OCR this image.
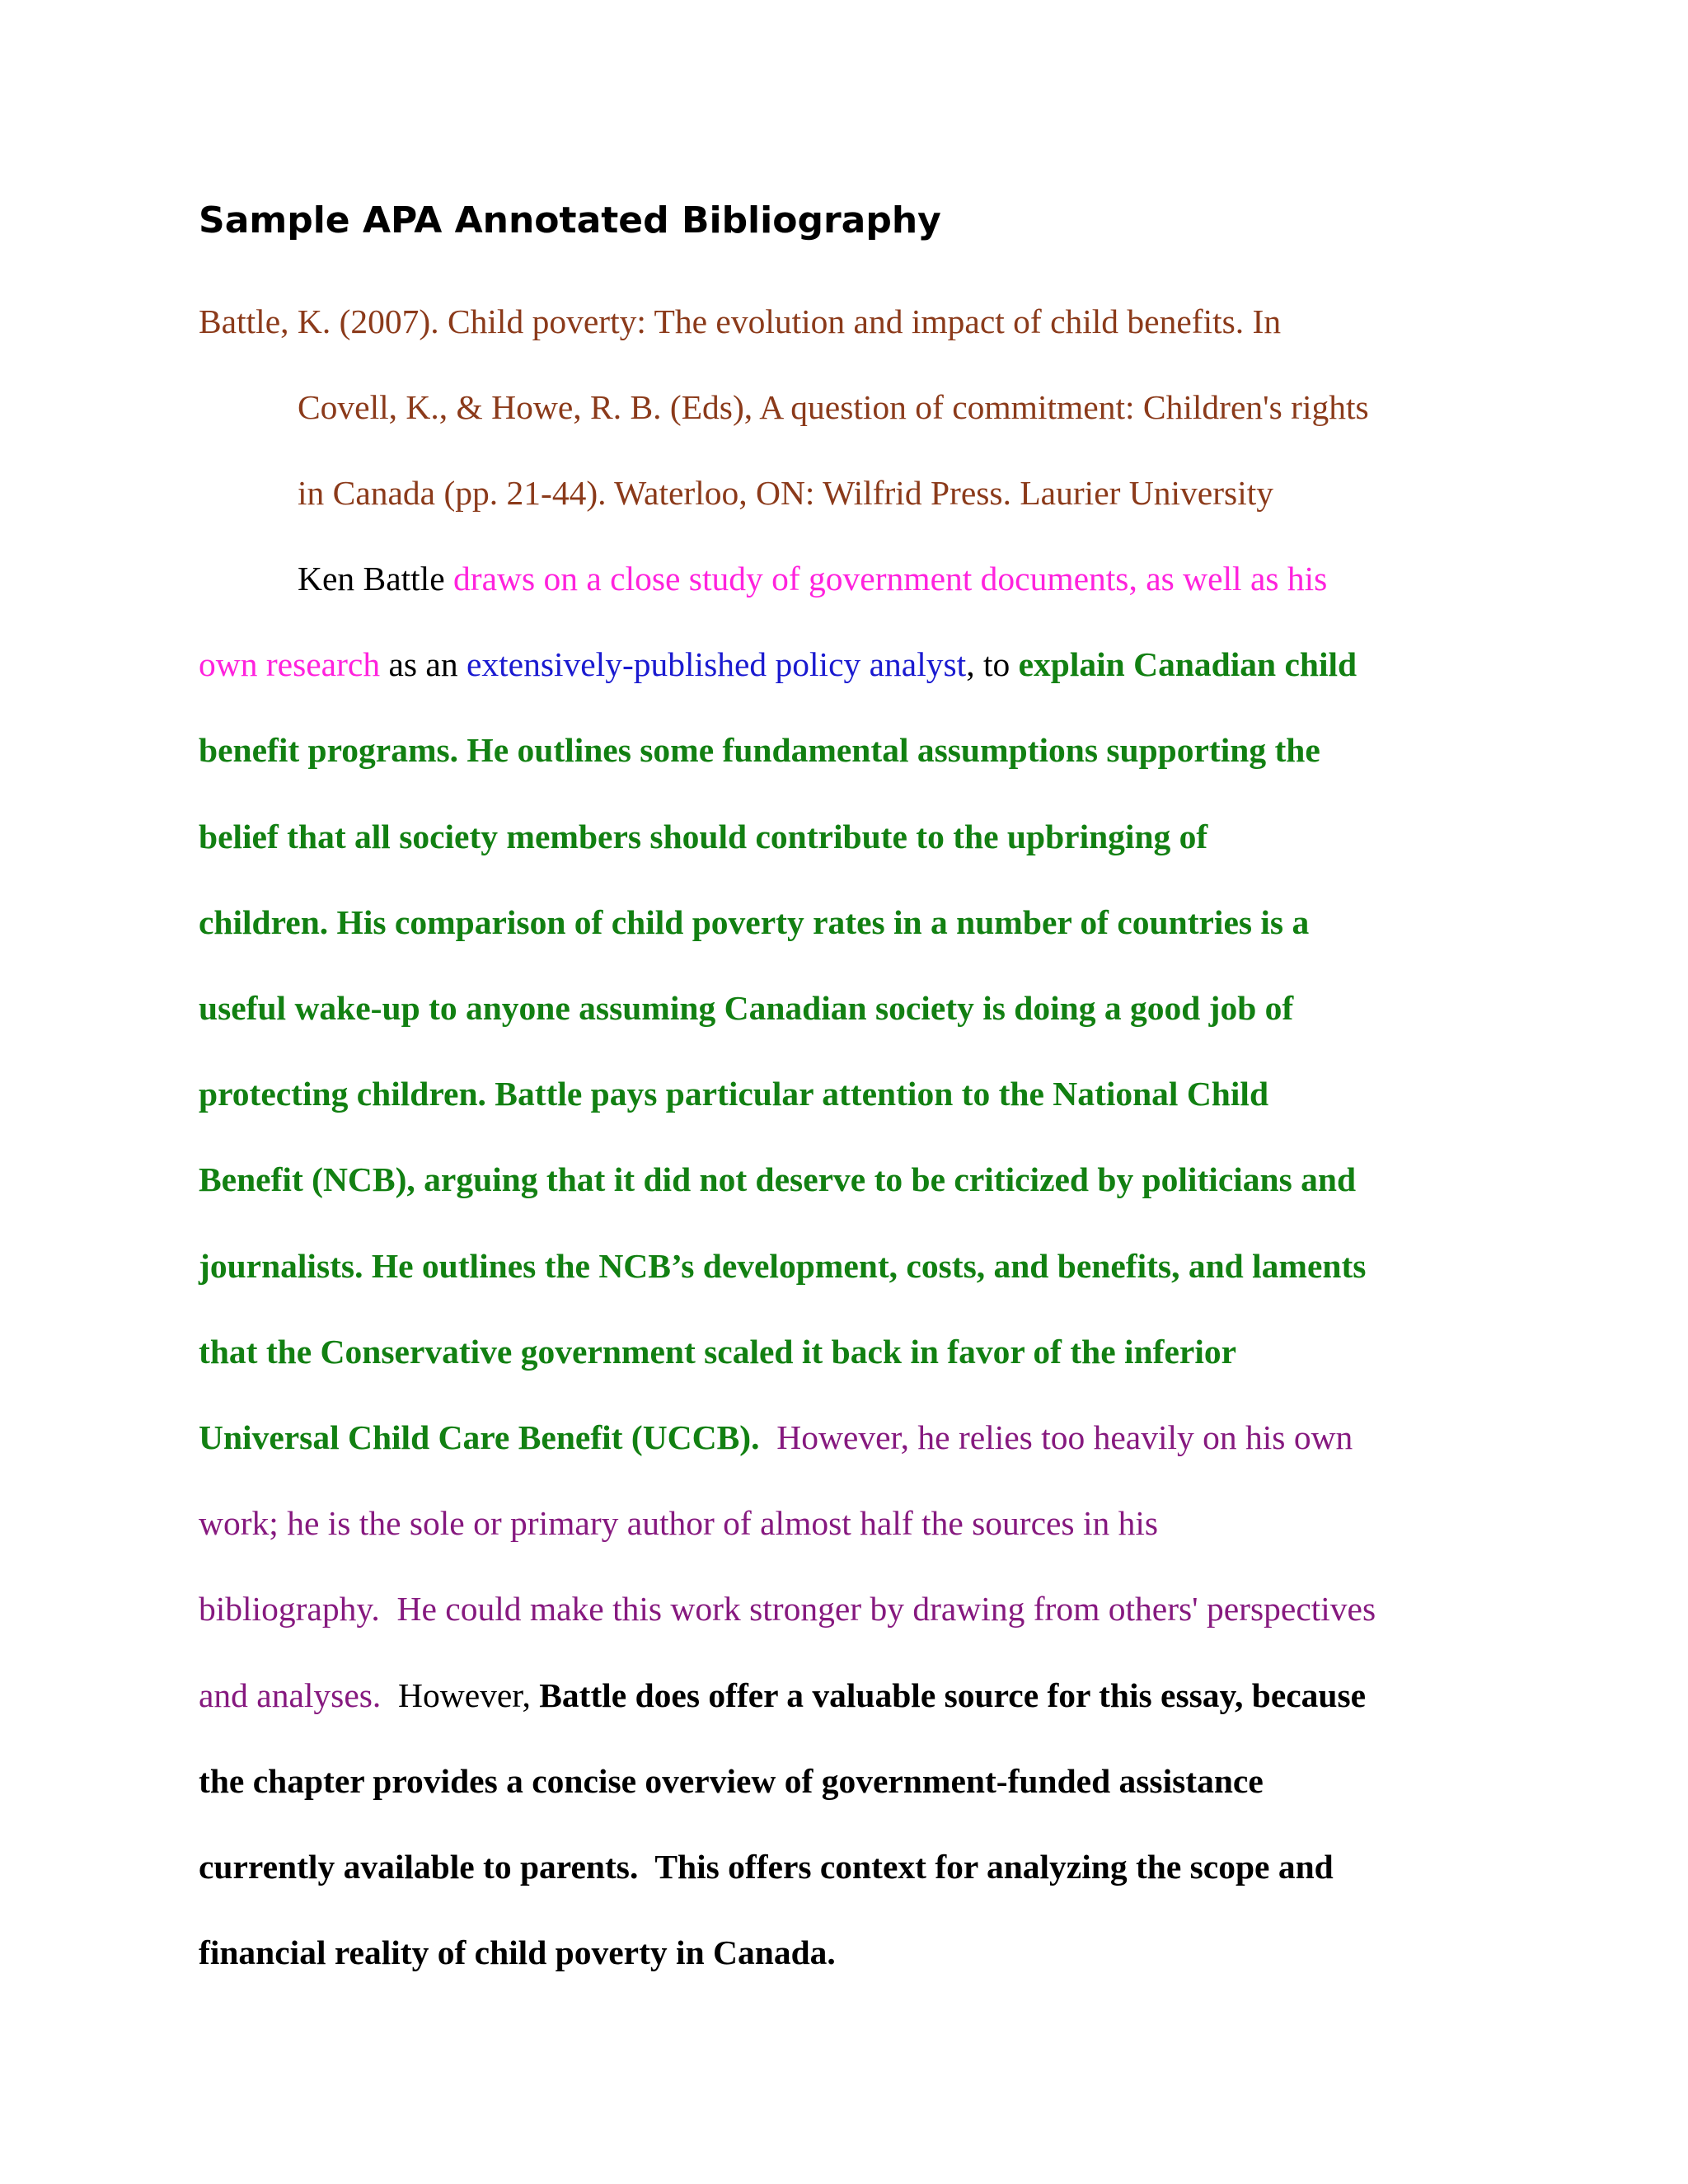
Sample APA Annotated Bibliography

Battle, K. (2007). Child poverty: The evolution and impact of child benefits. In
Covell, K., & Howe, R. B. (Eds), A question of commitment: Children's rights
in Canada (pp. 21-44). Waterloo, ON: Wilfrid Press. Laurier University

Ken Battle draws on a close study of government documents, as well as his
own research as an extensively-published policy analyst, to explain Canadian child
benefit programs. He outlines some fundamental assumptions supporting the
belief that all society members should contribute to the upbringing of
children. His comparison of child poverty rates in a number of countries is a
useful wake-up to anyone assuming Canadian society is doing a good job of
protecting children. Battle pays particular attention to the National Child
Benefit (NCB), arguing that it did not deserve to be criticized by politicians and
journalists. He outlines the NCB’s development, costs, and benefits, and laments
that the Conservative government scaled it back in favor of the inferior
Universal Child Care Benefit (UCCB).  However, he relies too heavily on his own
work; he is the sole or primary author of almost half the sources in his
bibliography.  He could make this work stronger by drawing from others' perspectives
and analyses.  However, Battle does offer a valuable source for this essay, because
the chapter provides a concise overview of government-funded assistance
currently available to parents.  This offers context for analyzing the scope and
financial reality of child poverty in Canada.
